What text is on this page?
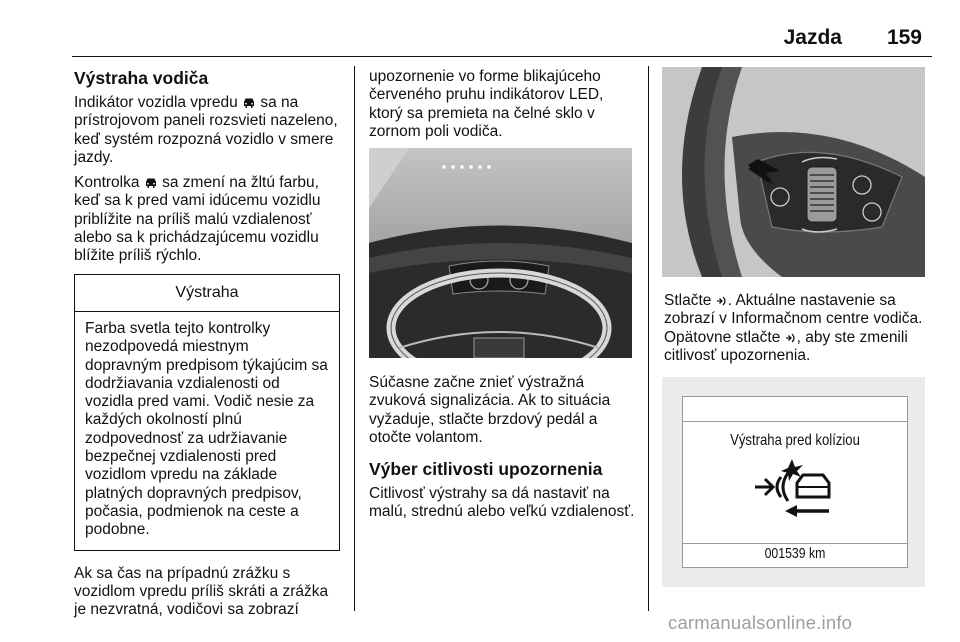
Jazda 159
Výstraha vodiča

Indikátor vozidla vpredu sa na prístrojovom paneli rozsvieti nazeleno, keď systém rozpozná vozidlo v smere jazdy.

Kontrolka sa zmení na žltú farbu, keď sa k pred vami idúcemu vozidlu priblížite na príliš malú vzdialenosť alebo sa k prichádzajúcemu vozidlu blížite príliš rýchlo.

Výstraha
Farba svetla tejto kontrolky nezodpovedá miestnym dopravným predpisom týkajúcim sa dodržiavania vzdialenosti od vozidla pred vami. Vodič nesie za každých okolností plnú zodpovednosť za udržiavanie bezpečnej vzdialenosti pred vozidlom vpredu na základe platných dopravných predpisov, počasia, podmienok na ceste a podobne.

Ak sa čas na prípadnú zrážku s vozidlom vpredu príliš skráti a zrážka je nezvratná, vodičovi sa zobrazí

upozornenie vo forme blikajúceho červeného pruhu indikátorov LED, ktorý sa premieta na čelné sklo v zornom poli vodiča.

Súčasne začne znieť výstražná zvuková signalizácia. Ak to situácia vyžaduje, stlačte brzdový pedál a otočte volantom.

Výber citlivosti upozornenia

Citlivosť výstrahy sa dá nastaviť na malú, strednú alebo veľkú vzdialenosť.

Stlačte . Aktuálne nastavenie sa zobrazí v Informačnom centre vodiča. Opätovne stlačte , aby ste zmenili citlivosť upozornenia.

Výstraha pred kolíziou
001539 km
carmanualsonline.info
